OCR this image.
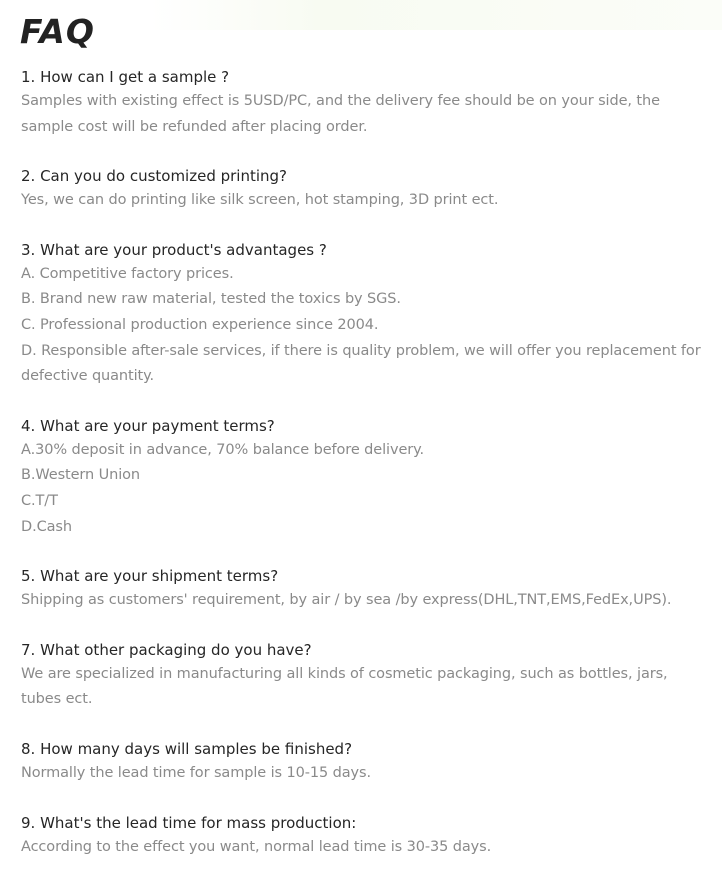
FAQ
1. How can I get a sample ?
Samples with existing effect is 5USD/PC, and the delivery fee should be on your side, the
sample cost will be refunded after placing order.
2. Can you do customized printing?
Yes, we can do printing like silk screen, hot stamping, 3D print ect.
3. What are your product's advantages ?
A. Competitive factory prices.
B. Brand new raw material, tested the toxics by SGS.
C. Professional production experience since 2004.
D. Responsible after-sale services, if there is quality problem, we will offer you replacement for
defective quantity.
4. What are your payment terms?
A.30% deposit in advance, 70% balance before delivery.
B.Western Union
C.T/T
D.Cash
5. What are your shipment terms?
Shipping as customers' requirement, by air / by sea /by express(DHL,TNT,EMS,FedEx,UPS).
7. What other packaging do you have?
We are specialized in manufacturing all kinds of cosmetic packaging, such as bottles, jars,
tubes ect.
8. How many days will samples be finished?
Normally the lead time for sample is 10-15 days.
9. What's the lead time for mass production:
According to the effect you want, normal lead time is 30-35 days.
